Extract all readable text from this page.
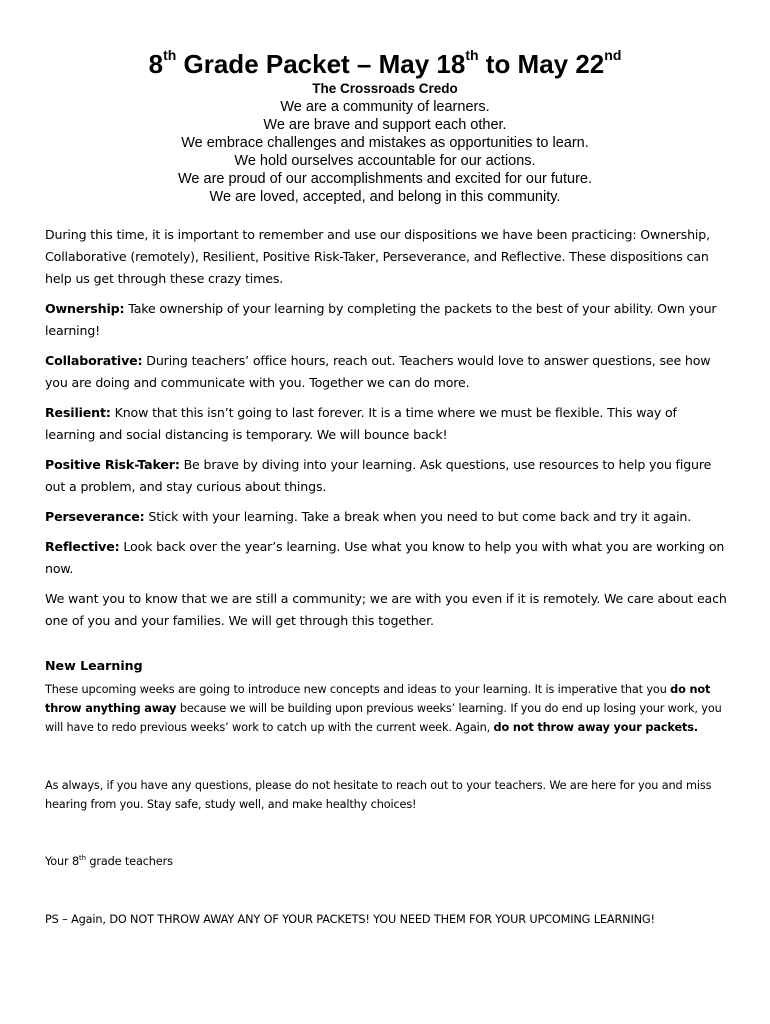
8th Grade Packet – May 18th to May 22nd
The Crossroads Credo
We are a community of learners.
We are brave and support each other.
We embrace challenges and mistakes as opportunities to learn.
We hold ourselves accountable for our actions.
We are proud of our accomplishments and excited for our future.
We are loved, accepted, and belong in this community.

During this time, it is important to remember and use our dispositions we have been practicing: Ownership, Collaborative (remotely), Resilient, Positive Risk-Taker, Perseverance, and Reflective. These dispositions can help us get through these crazy times.

Ownership: Take ownership of your learning by completing the packets to the best of your ability. Own your learning!

Collaborative: During teachers’ office hours, reach out. Teachers would love to answer questions, see how you are doing and communicate with you. Together we can do more.

Resilient: Know that this isn’t going to last forever. It is a time where we must be flexible. This way of learning and social distancing is temporary. We will bounce back!

Positive Risk-Taker: Be brave by diving into your learning. Ask questions, use resources to help you figure out a problem, and stay curious about things.

Perseverance: Stick with your learning. Take a break when you need to but come back and try it again.

Reflective: Look back over the year’s learning. Use what you know to help you with what you are working on now.

We want you to know that we are still a community; we are with you even if it is remotely. We care about each one of you and your families. We will get through this together.

New Learning
These upcoming weeks are going to introduce new concepts and ideas to your learning. It is imperative that you do not throw anything away because we will be building upon previous weeks’ learning. If you do end up losing your work, you will have to redo previous weeks’ work to catch up with the current week. Again, do not throw away your packets.
As always, if you have any questions, please do not hesitate to reach out to your teachers. We are here for you and miss hearing from you. Stay safe, study well, and make healthy choices!
Your 8th grade teachers
PS – Again, DO NOT THROW AWAY ANY OF YOUR PACKETS! YOU NEED THEM FOR YOUR UPCOMING LEARNING!
